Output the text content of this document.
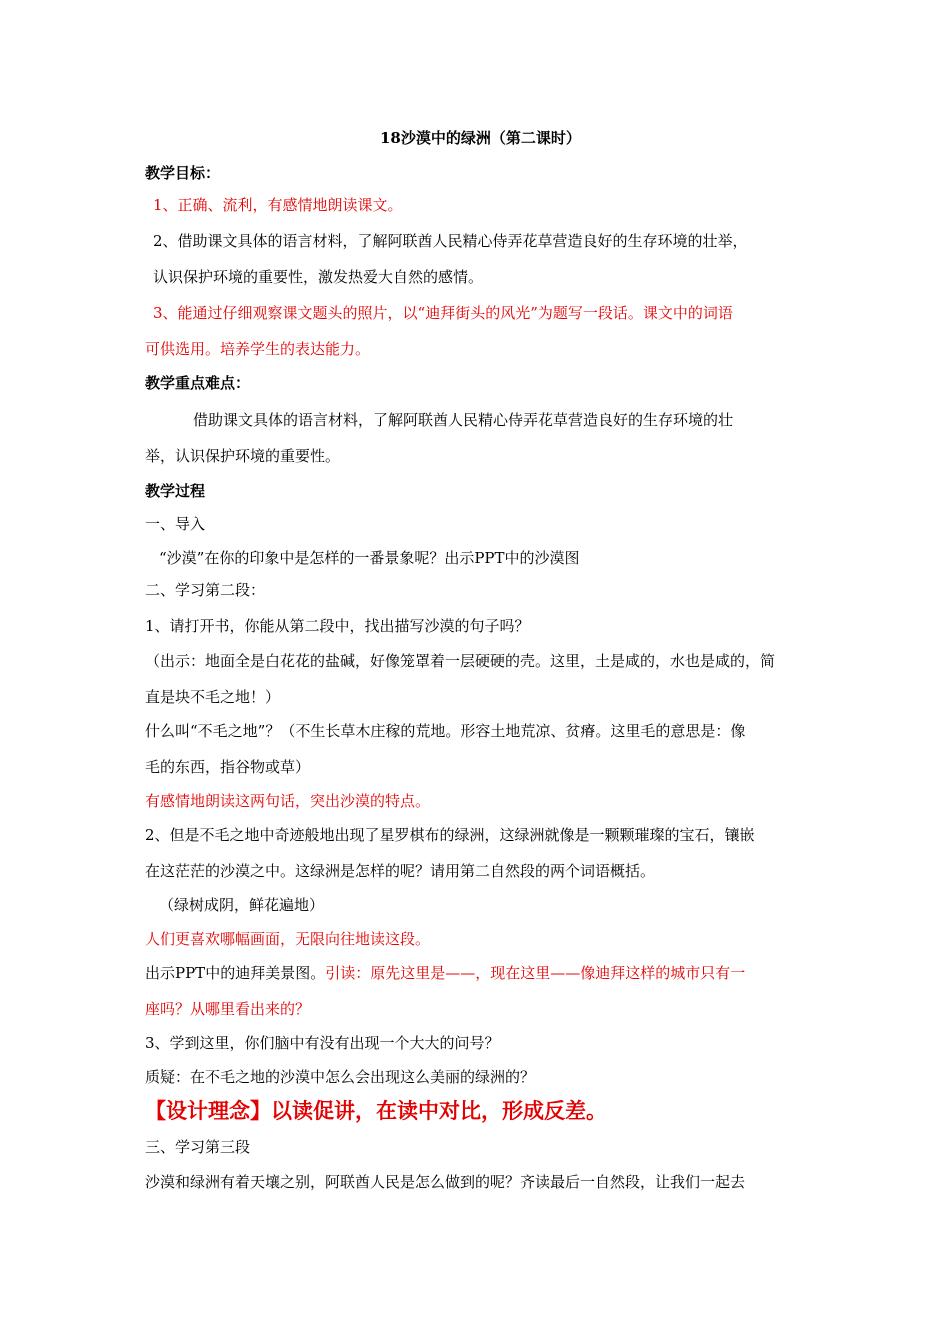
18沙漠中的绿洲（第二课时）
教学目标：
1、正确、流利，有感情地朗读课文。
2、借助课文具体的语言材料，了解阿联酋人民精心侍弄花草营造良好的生存环境的壮举，
认识保护环境的重要性，激发热爱大自然的感情。
3、能通过仔细观察课文题头的照片，以“迪拜街头的风光”为题写一段话。课文中的词语
可供选用。培养学生的表达能力。
教学重点难点：
借助课文具体的语言材料，了解阿联酋人民精心侍弄花草营造良好的生存环境的壮
举，认识保护环境的重要性。
教学过程
一、导入
“沙漠”在你的印象中是怎样的一番景象呢？出示PPT中的沙漠图
二、学习第二段：
1、请打开书，你能从第二段中，找出描写沙漠的句子吗？
（出示：地面全是白花花的盐碱，好像笼罩着一层硬硬的壳。这里，土是咸的，水也是咸的，简
直是块不毛之地！）
什么叫“不毛之地”？（不生长草木庄稼的荒地。形容土地荒凉、贫瘠。这里毛的意思是：像
毛的东西，指谷物或草）
有感情地朗读这两句话，突出沙漠的特点。
2、但是不毛之地中奇迹般地出现了星罗棋布的绿洲，这绿洲就像是一颗颗璀璨的宝石，镶嵌
在这茫茫的沙漠之中。这绿洲是怎样的呢？请用第二自然段的两个词语概括。
（绿树成阴，鲜花遍地）
人们更喜欢哪幅画面，无限向往地读这段。
出示PPT中的迪拜美景图。引读：原先这里是——，现在这里——像迪拜这样的城市只有一
座吗？从哪里看出来的？
3、学到这里，你们脑中有没有出现一个大大的问号？
质疑：在不毛之地的沙漠中怎么会出现这么美丽的绿洲的？
【设计理念】以读促讲，在读中对比，形成反差。
三、学习第三段
沙漠和绿洲有着天壤之别，阿联酋人民是怎么做到的呢？齐读最后一自然段，让我们一起去
